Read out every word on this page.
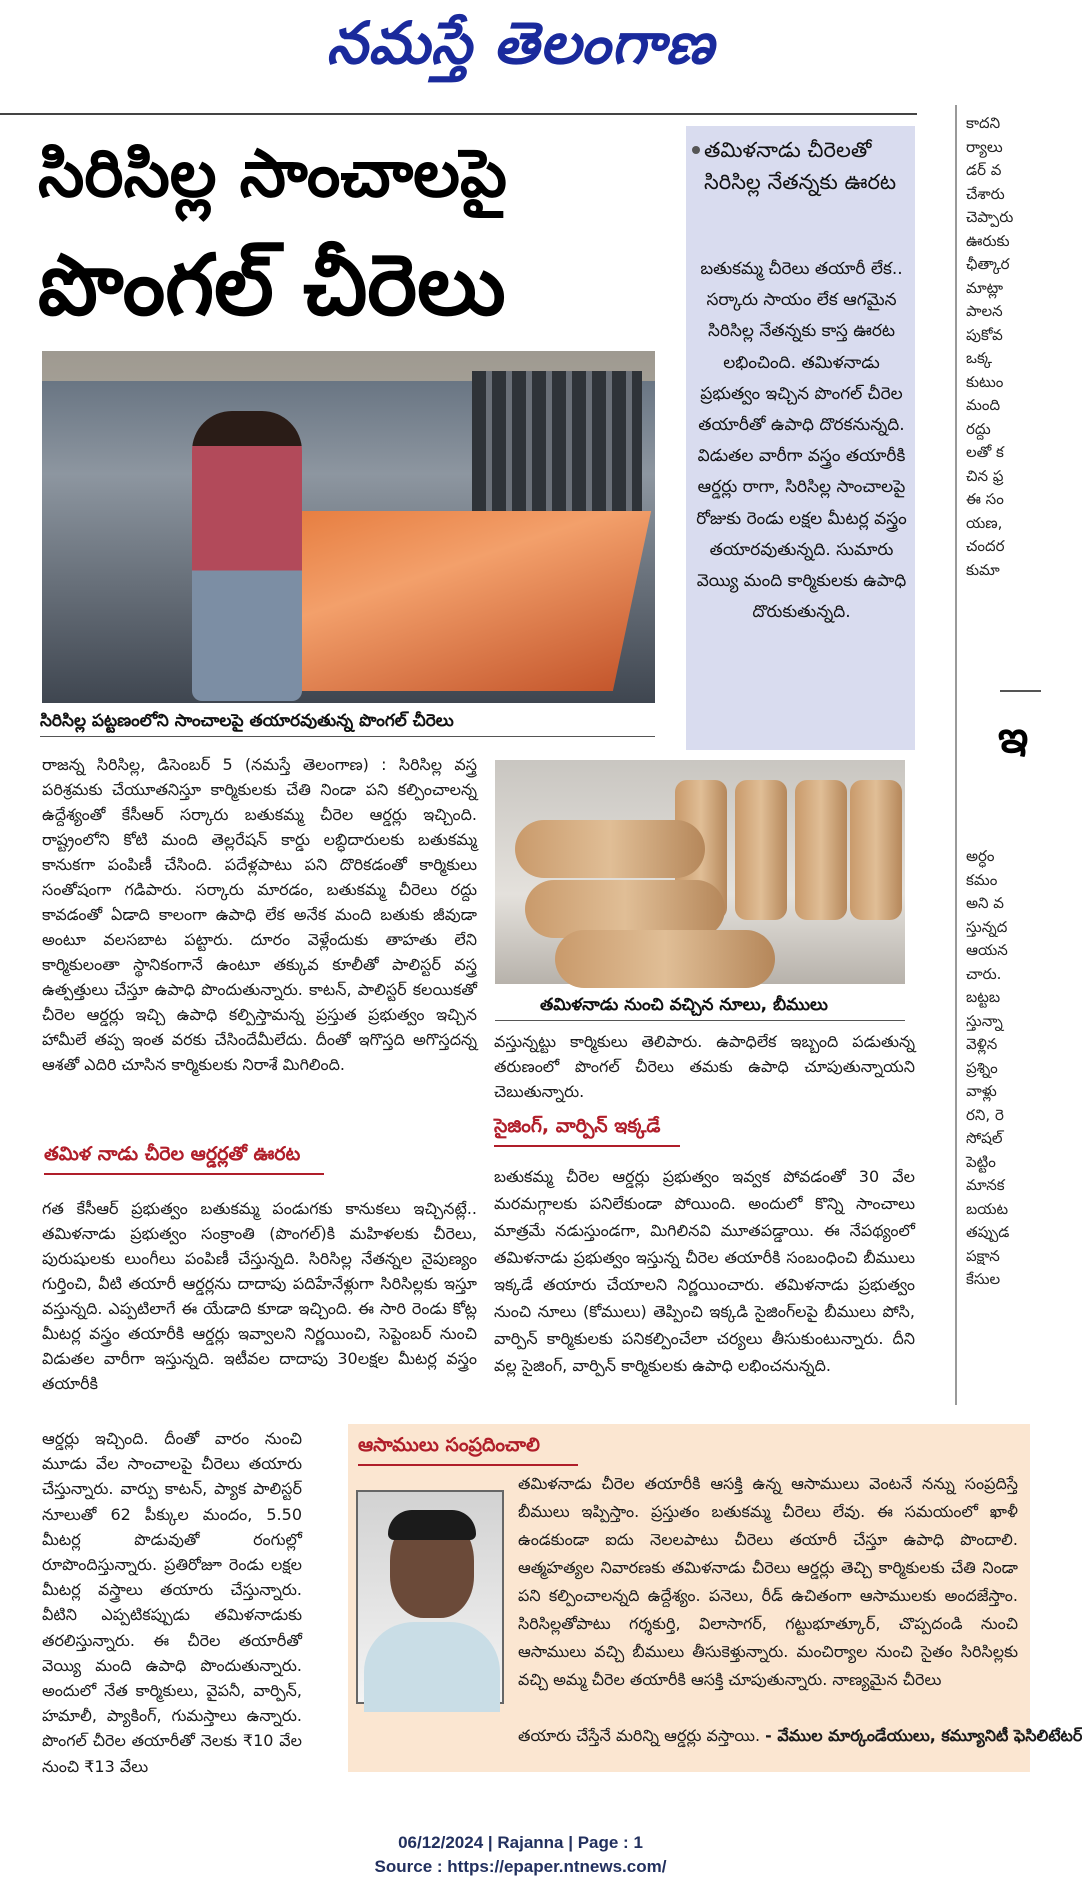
నమస్తే తెలంగాణ
సిరిసిల్ల సాంచాలపై
పొంగల్ చీరెలు
సిరిసిల్ల పట్టణంలోని సాంచాలపై తయారవుతున్న పొంగల్ చీరెలు
తమిళనాడు చీరెలతో సిరిసిల్ల నేతన్నకు ఊరట
బతుకమ్మ చీరెలు తయారీ లేక.. సర్కారు సాయం లేక ఆగమైన సిరిసిల్ల నేతన్నకు కాస్త ఊరట లభించింది. తమిళనాడు ప్రభుత్వం ఇచ్చిన పొంగల్ చీరెల తయారీతో ఉపాధి దొరకనున్నది. విడుతల వారీగా వస్త్రం తయారీకి ఆర్డర్లు రాగా, సిరిసిల్ల సాంచాలపై రోజుకు రెండు లక్షల మీటర్ల వస్త్రం తయారవుతున్నది. సుమారు వెయ్యి మంది కార్మికులకు ఉపాధి దొరుకుతున్నది.
రాజన్న సిరిసిల్ల, డిసెంబర్ 5 (నమస్తే తెలంగాణ) : సిరిసిల్ల వస్త్ర పరిశ్రమకు చేయూతనిస్తూ కార్మికులకు చేతి నిండా పని కల్పించాలన్న ఉద్దేశ్యంతో కేసీఆర్ సర్కారు బతుకమ్మ చీరెల ఆర్డర్లు ఇచ్చింది. రాష్ట్రంలోని కోటి మంది తెల్లరేషన్ కార్డు లబ్ధిదారులకు బతుకమ్మ కానుకగా పంపిణీ చేసింది. పదేళ్లపాటు పని దొరికడంతో కార్మికులు సంతోషంగా గడిపారు. సర్కారు మారడం, బతుకమ్మ చీరెలు రద్దు కావడంతో ఏడాది కాలంగా ఉపాధి లేక అనేక మంది బతుకు జీవుడా అంటూ వలసబాట పట్టారు. దూరం వెళ్లేందుకు తాహతు లేని కార్మికులంతా స్థానికంగానే ఉంటూ తక్కువ కూలీతో పాలిస్టర్ వస్త్ర ఉత్పత్తులు చేస్తూ ఉపాధి పొందుతున్నారు. కాటన్, పాలిస్టర్ కలయికతో చీరెల ఆర్డర్లు ఇచ్చి ఉపాధి కల్పిస్తామన్న ప్రస్తుత ప్రభుత్వం ఇచ్చిన హామీలే తప్ప ఇంత వరకు చేసిందేమీలేదు. దీంతో ఇగొస్తది అగొస్తదన్న ఆశతో ఎదిరి చూసిన కార్మికులకు నిరాశే మిగిలింది.
తమిళ నాడు చీరెల ఆర్డర్లతో ఊరట
గత కేసీఆర్ ప్రభుత్వం బతుకమ్మ పండుగకు కానుకలు ఇచ్చినట్లే.. తమిళనాడు ప్రభుత్వం సంక్రాంతి (పొంగల్)కి మహిళలకు చీరెలు, పురుషులకు లుంగీలు పంపిణీ చేస్తున్నది. సిరిసిల్ల నేతన్నల నైపుణ్యం గుర్తించి, వీటి తయారీ ఆర్డర్లను దాదాపు పదిహేనేళ్లుగా సిరిసిల్లకు ఇస్తూ వస్తున్నది. ఎప్పటిలాగే ఈ యేడాది కూడా ఇచ్చింది. ఈ సారి రెండు కోట్ల మీటర్ల వస్త్రం తయారీకి ఆర్డర్లు ఇవ్వాలని నిర్ణయించి, సెప్టెంబర్ నుంచి విడుతల వారీగా ఇస్తున్నది. ఇటీవల దాదాపు 30లక్షల మీటర్ల వస్త్రం తయారీకి
ఆర్డర్లు ఇచ్చింది. దీంతో వారం నుంచి మూడు వేల సాంచాలపై చీరెలు తయారు చేస్తున్నారు. వార్పు కాటన్, ప్యాక పాలిస్టర్ నూలుతో 62 పీక్కుల మందం, 5.50 మీటర్ల పొడువుతో రంగుల్లో రూపొందిస్తున్నారు. ప్రతిరోజూ రెండు లక్షల మీటర్ల వస్త్రాలు తయారు చేస్తున్నారు. వీటిని ఎప్పటికప్పుడు తమిళనాడుకు తరలిస్తున్నారు. ఈ చీరెల తయారీతో వెయ్యి మంది ఉపాధి పొందుతున్నారు. అందులో నేత కార్మికులు, వైపనీ, వార్పిన్, హమాలీ, ప్యాకింగ్, గుమస్తాలు ఉన్నారు. పొంగల్ చీరెల తయారీతో నెలకు ₹10 వేల నుంచి ₹13 వేలు
తమిళనాడు నుంచి వచ్చిన నూలు, బీములు
వస్తున్నట్టు కార్మికులు తెలిపారు. ఉపాధిలేక ఇబ్బంది పడుతున్న తరుణంలో పొంగల్ చీరెలు తమకు ఉపాధి చూపుతున్నాయని చెబుతున్నారు.
సైజింగ్, వార్పిన్ ఇక్కడే
బతుకమ్మ చీరెల ఆర్డర్లు ప్రభుత్వం ఇవ్వక పోవడంతో 30 వేల మరమగ్గాలకు పనిలేకుండా పోయింది. అందులో కొన్ని సాంచాలు మాత్రమే నడుస్తుండగా, మిగిలినవి మూతపడ్డాయి. ఈ నేపథ్యంలో తమిళనాడు ప్రభుత్వం ఇస్తున్న చీరెల తయారీకి సంబంధించి బీములు ఇక్కడే తయారు చేయాలని నిర్ణయించారు. తమిళనాడు ప్రభుత్వం నుంచి నూలు (కోములు) తెప్పించి ఇక్కడి సైజింగ్‌లపై బీములు పోసి, వార్పిన్ కార్మికులకు పనికల్పించేలా చర్యలు తీసుకుంటున్నారు. దీని వల్ల సైజింగ్, వార్పిన్ కార్మికులకు ఉపాధి లభించనున్నది.
ఆసాములు సంప్రదించాలి
తమిళనాడు చీరెల తయారీకి ఆసక్తి ఉన్న ఆసాములు వెంటనే నన్ను సంప్రదిస్తే బీములు ఇప్పిస్తాం. ప్రస్తుతం బతుకమ్మ చీరెలు లేవు. ఈ సమయంలో ఖాళీ ఉండకుండా ఐదు నెలలపాటు చీరెలు తయారీ చేస్తూ ఉపాధి పొందాలి. ఆత్మహత్యల నివారణకు తమిళనాడు చీరెలు ఆర్డర్లు తెచ్చి కార్మికులకు చేతి నిండా పని కల్పించాలన్నది ఉద్దేశ్యం. పనెలు, రీడ్ ఉచితంగా ఆసాములకు అందజేస్తాం. సిరిసిల్లతోపాటు గర్శకుర్తి, విలాసాగర్, గట్టుభూత్కూర్, చొప్పదండి నుంచి ఆసాములు వచ్చి బీములు తీసుకెళ్తున్నారు. మంచిర్యాల నుంచి సైతం సిరిసిల్లకు వచ్చి అమ్మ చీరెల తయారీకి ఆసక్తి చూపుతున్నారు. నాణ్యమైన చీరెలు
తయారు చేస్తేనే మరిన్ని ఆర్డర్లు వస్తాయి. - వేముల మార్కండేయులు, కమ్యూనిటీ ఫెసిలిటేటర్
కాదని
ర్యాలు
డర్ వ
చేశారు
చెప్పారు
ఊరుకు
ఛీత్కార
మాట్లా
పాలన
పుకోవ
ఒక్క
కుటుం
మంది
రద్దు
లతో క
చిన ఫ్ర
ఈ సం
యణ,
చందర
కుమా
ఇ
అర్ధం
కమం
అని వ
స్తున్నద
ఆయన
చారు.
బట్టబ
స్తున్నా
వెళ్లిన
ప్రశ్నిం
వాళ్లు
రని, రె
సోషల్
పెట్టిం
మానక
బయట
తప్పుడ
పక్షాన
కేసుల
06/12/2024 | Rajanna | Page : 1
Source : https://epaper.ntnews.com/
